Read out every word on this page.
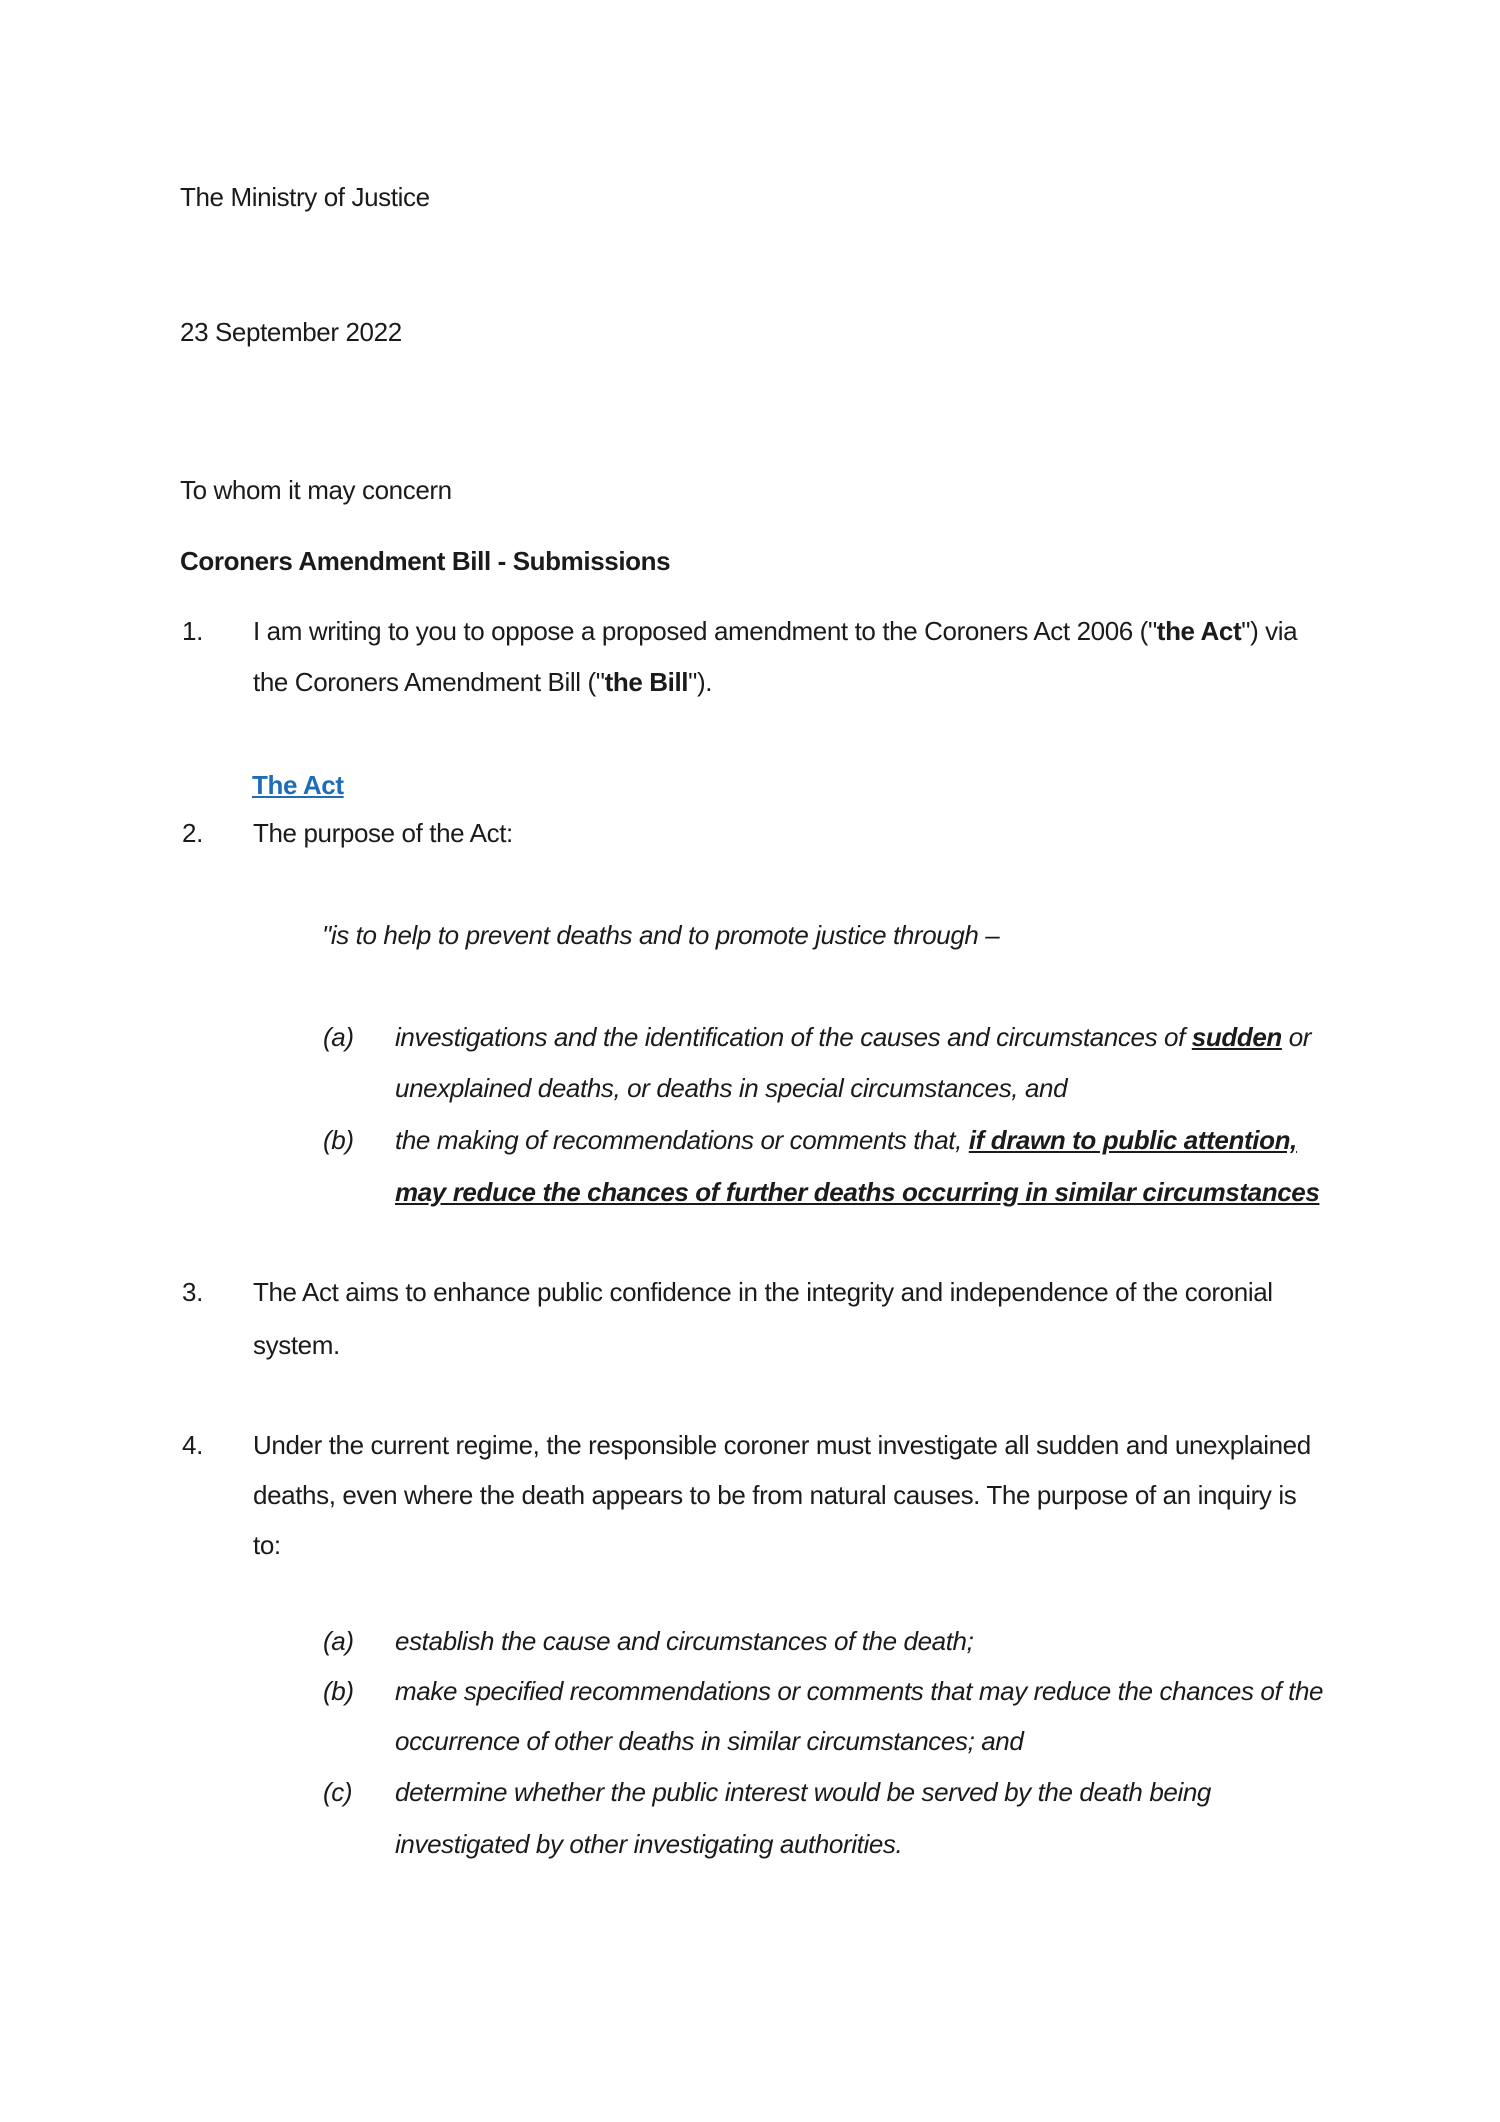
The Ministry of Justice
23 September 2022
To whom it may concern
Coroners Amendment Bill - Submissions
1. I am writing to you to oppose a proposed amendment to the Coroners Act 2006 ("the Act") via
the Coroners Amendment Bill ("the Bill").
The Act
2. The purpose of the Act:
"is to help to prevent deaths and to promote justice through –
(a) investigations and the identification of the causes and circumstances of sudden or
unexplained deaths, or deaths in special circumstances, and
(b) the making of recommendations or comments that, if drawn to public attention,
may reduce the chances of further deaths occurring in similar circumstances
3. The Act aims to enhance public confidence in the integrity and independence of the coronial
system.
4. Under the current regime, the responsible coroner must investigate all sudden and unexplained
deaths, even where the death appears to be from natural causes. The purpose of an inquiry is
to:
(a) establish the cause and circumstances of the death;
(b) make specified recommendations or comments that may reduce the chances of the
occurrence of other deaths in similar circumstances; and
(c) determine whether the public interest would be served by the death being
investigated by other investigating authorities.
